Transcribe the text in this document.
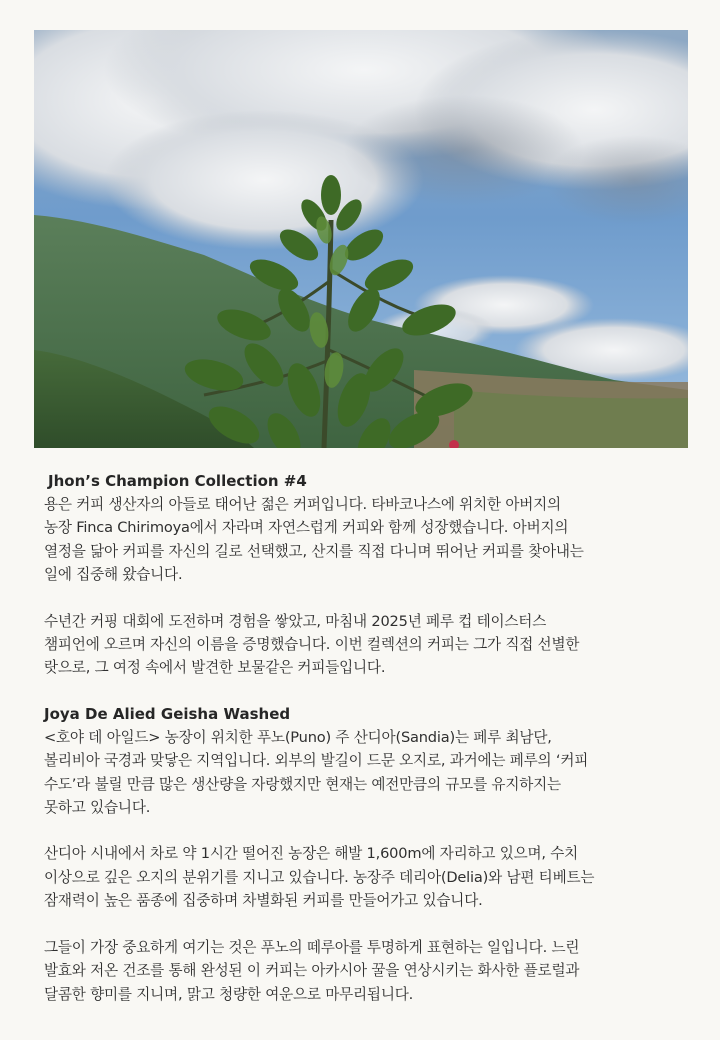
Jhon’s Champion Collection #4
용은 커피 생산자의 아들로 태어난 젊은 커퍼입니다. 타바코나스에 위치한 아버지의
농장 Finca Chirimoya에서 자라며 자연스럽게 커피와 함께 성장했습니다. 아버지의
열정을 닮아 커피를 자신의 길로 선택했고, 산지를 직접 다니며 뛰어난 커피를 찾아내는
일에 집중해 왔습니다.
수년간 커핑 대회에 도전하며 경험을 쌓았고, 마침내 2025년 페루 컵 테이스터스
챔피언에 오르며 자신의 이름을 증명했습니다. 이번 컬렉션의 커피는 그가 직접 선별한
랏으로, 그 여정 속에서 발견한 보물같은 커피들입니다.
Joya De Alied Geisha Washed
<호야 데 아일드> 농장이 위치한 푸노(Puno) 주 산디아(Sandia)는 페루 최남단,
볼리비아 국경과 맞닿은 지역입니다. 외부의 발길이 드문 오지로, 과거에는 페루의 ‘커피
수도’라 불릴 만큼 많은 생산량을 자랑했지만 현재는 예전만큼의 규모를 유지하지는
못하고 있습니다.
산디아 시내에서 차로 약 1시간 떨어진 농장은 해발 1,600m에 자리하고 있으며, 수치
이상으로 깊은 오지의 분위기를 지니고 있습니다. 농장주 데리아(Delia)와 남편 티베트는
잠재력이 높은 품종에 집중하며 차별화된 커피를 만들어가고 있습니다.
그들이 가장 중요하게 여기는 것은 푸노의 떼루아를 투명하게 표현하는 일입니다. 느린
발효와 저온 건조를 통해 완성된 이 커피는 아카시아 꿀을 연상시키는 화사한 플로럴과
달콤한 향미를 지니며, 맑고 청량한 여운으로 마무리됩니다.
